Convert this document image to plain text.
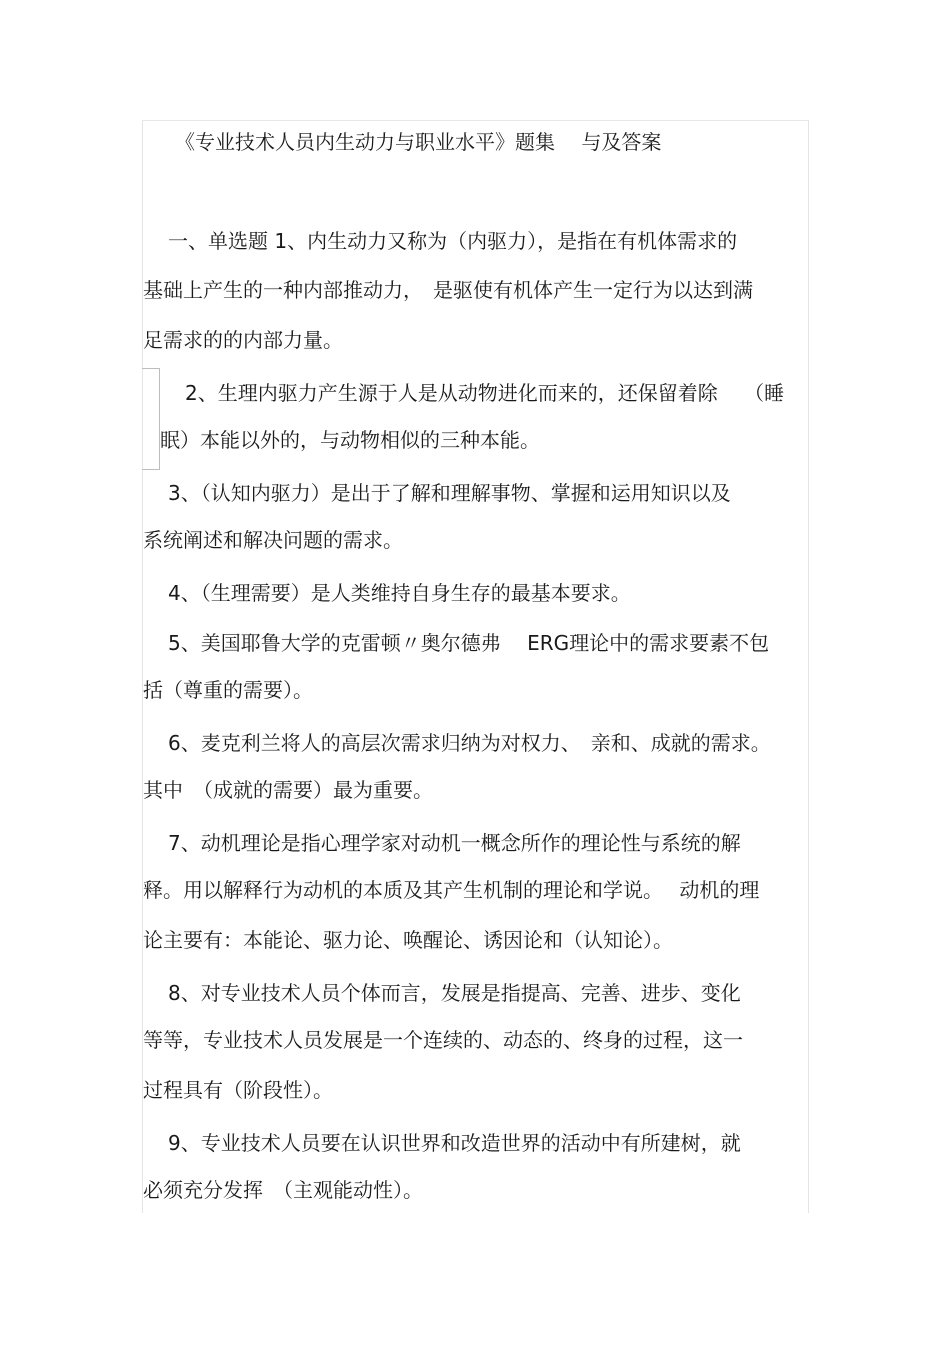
《专业技术人员内生动力与职业水平》题集　 与及答案
一、单选题 1、内生动力又称为（内驱力），是指在有机体需求的
基础上产生的一种内部推动力，　是驱使有机体产生一定行为以达到满
足需求的的内部力量。
2、生理内驱力产生源于人是从动物进化而来的，还保留着除　 （睡
眠）本能以外的，与动物相似的三种本能。
3、（认知内驱力）是出于了解和理解事物、掌握和运用知识以及
系统阐述和解决问题的需求。
4、（生理需要）是人类维持自身生存的最基本要求。
5、美国耶鲁大学的克雷顿〃奥尔德弗　 ERG理论中的需求要素不包
括（尊重的需要）。
6、麦克利兰将人的高层次需求归纳为对权力、　亲和、成就的需求。
其中　（成就的需要）最为重要。
7、动机理论是指心理学家对动机一概念所作的理论性与系统的解
释。用以解释行为动机的本质及其产生机制的理论和学说。　 动机的理
论主要有：本能论、驱力论、唤醒论、诱因论和（认知论）。
8、对专业技术人员个体而言，发展是指提高、完善、进步、变化
等等，专业技术人员发展是一个连续的、动态的、终身的过程，这一
过程具有（阶段性）。
9、专业技术人员要在认识世界和改造世界的活动中有所建树，就
必须充分发挥　（主观能动性）。
